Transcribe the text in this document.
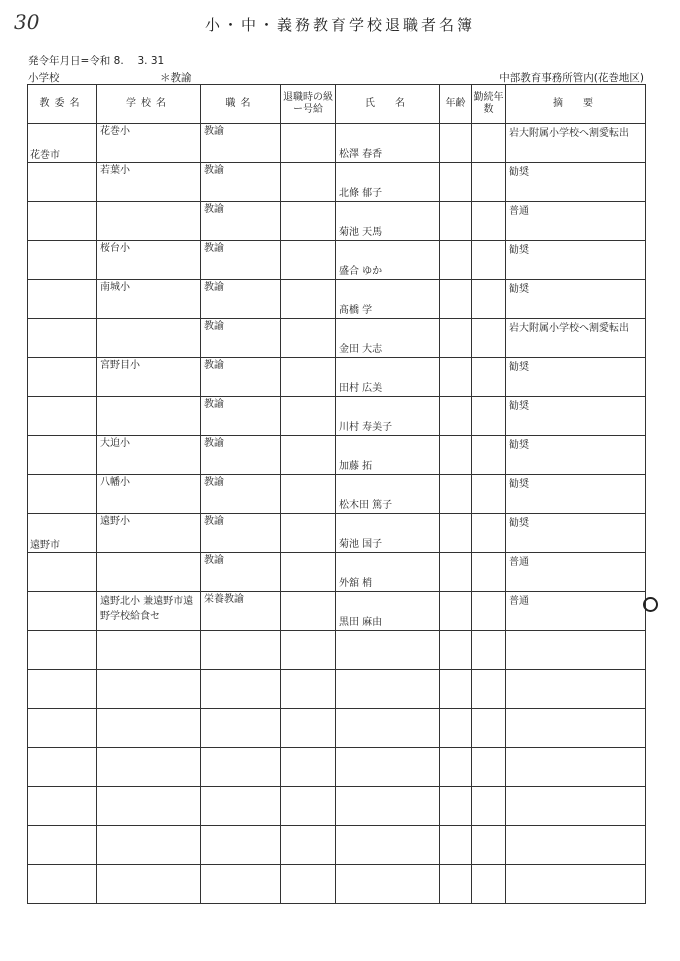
30	小・中・義務教育学校退職者名簿
発令年月日=令和 8.　 3. 31
小学校	＊教諭	中部教育事務所管内(花巻地区)
教委名	学校名	職名	退職時の級ー号給	氏　名	年齢	勤続年数	摘　要

花巻市	花巻小	教諭		松澤 春香			岩大附属小学校へ割愛転出

	若葉小	教諭		北條 郁子			勧奨

		教諭		菊池 天馬			普通

	桜台小	教諭		盛合 ゆか			勧奨

	南城小	教諭		髙橋 学			勧奨

		教諭		金田 大志			岩大附属小学校へ割愛転出

	宮野目小	教諭		田村 広美			勧奨

		教諭		川村 寿美子			勧奨

	大迫小	教諭		加藤 拓			勧奨

	八幡小	教諭		松木田 篤子			勧奨

遠野市	遠野小	教諭		菊池 国子			勧奨

		教諭		外舘 梢			普通

	遠野北小 兼遠野市遠野学校給食セ	栄養教諭		黒田 麻由			普通
